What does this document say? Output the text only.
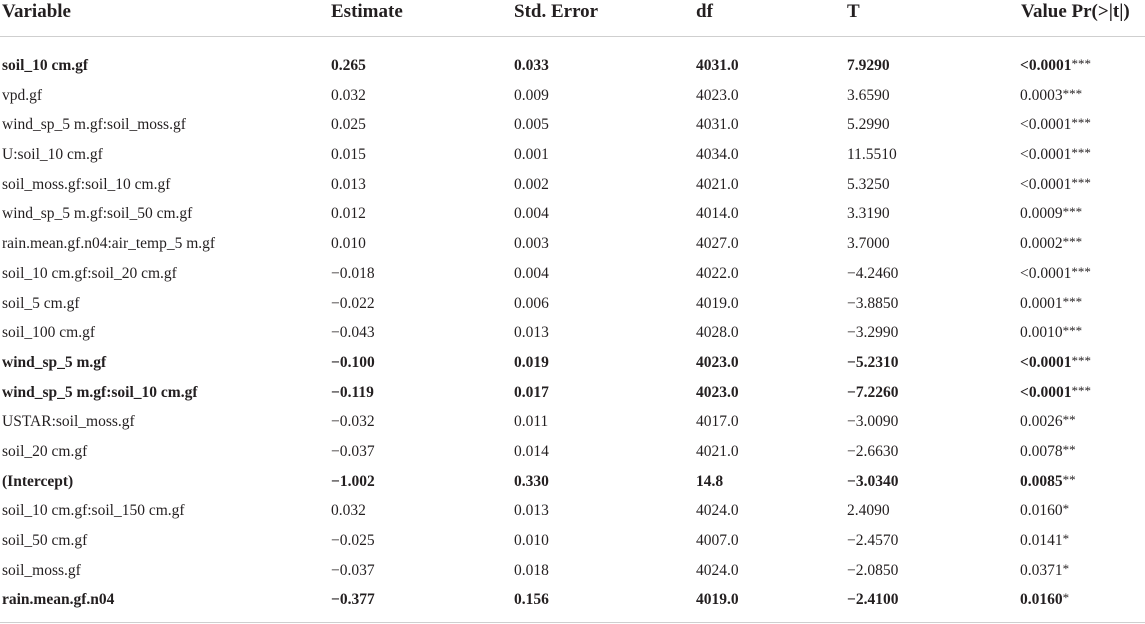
Variable	Estimate	Std. Error	df	T	Value Pr(>|t|)
soil_10 cm.gf	0.265	0.033	4031.0	7.9290	<0.0001***
vpd.gf	0.032	0.009	4023.0	3.6590	0.0003***
wind_sp_5 m.gf:soil_moss.gf	0.025	0.005	4031.0	5.2990	<0.0001***
U:soil_10 cm.gf	0.015	0.001	4034.0	11.5510	<0.0001***
soil_moss.gf:soil_10 cm.gf	0.013	0.002	4021.0	5.3250	<0.0001***
wind_sp_5 m.gf:soil_50 cm.gf	0.012	0.004	4014.0	3.3190	0.0009***
rain.mean.gf.n04:air_temp_5 m.gf	0.010	0.003	4027.0	3.7000	0.0002***
soil_10 cm.gf:soil_20 cm.gf	−0.018	0.004	4022.0	−4.2460	<0.0001***
soil_5 cm.gf	−0.022	0.006	4019.0	−3.8850	0.0001***
soil_100 cm.gf	−0.043	0.013	4028.0	−3.2990	0.0010***
wind_sp_5 m.gf	−0.100	0.019	4023.0	−5.2310	<0.0001***
wind_sp_5 m.gf:soil_10 cm.gf	−0.119	0.017	4023.0	−7.2260	<0.0001***
USTAR:soil_moss.gf	−0.032	0.011	4017.0	−3.0090	0.0026**
soil_20 cm.gf	−0.037	0.014	4021.0	−2.6630	0.0078**
(Intercept)	−1.002	0.330	14.8	−3.0340	0.0085**
soil_10 cm.gf:soil_150 cm.gf	0.032	0.013	4024.0	2.4090	0.0160*
soil_50 cm.gf	−0.025	0.010	4007.0	−2.4570	0.0141*
soil_moss.gf	−0.037	0.018	4024.0	−2.0850	0.0371*
rain.mean.gf.n04	−0.377	0.156	4019.0	−2.4100	0.0160*
